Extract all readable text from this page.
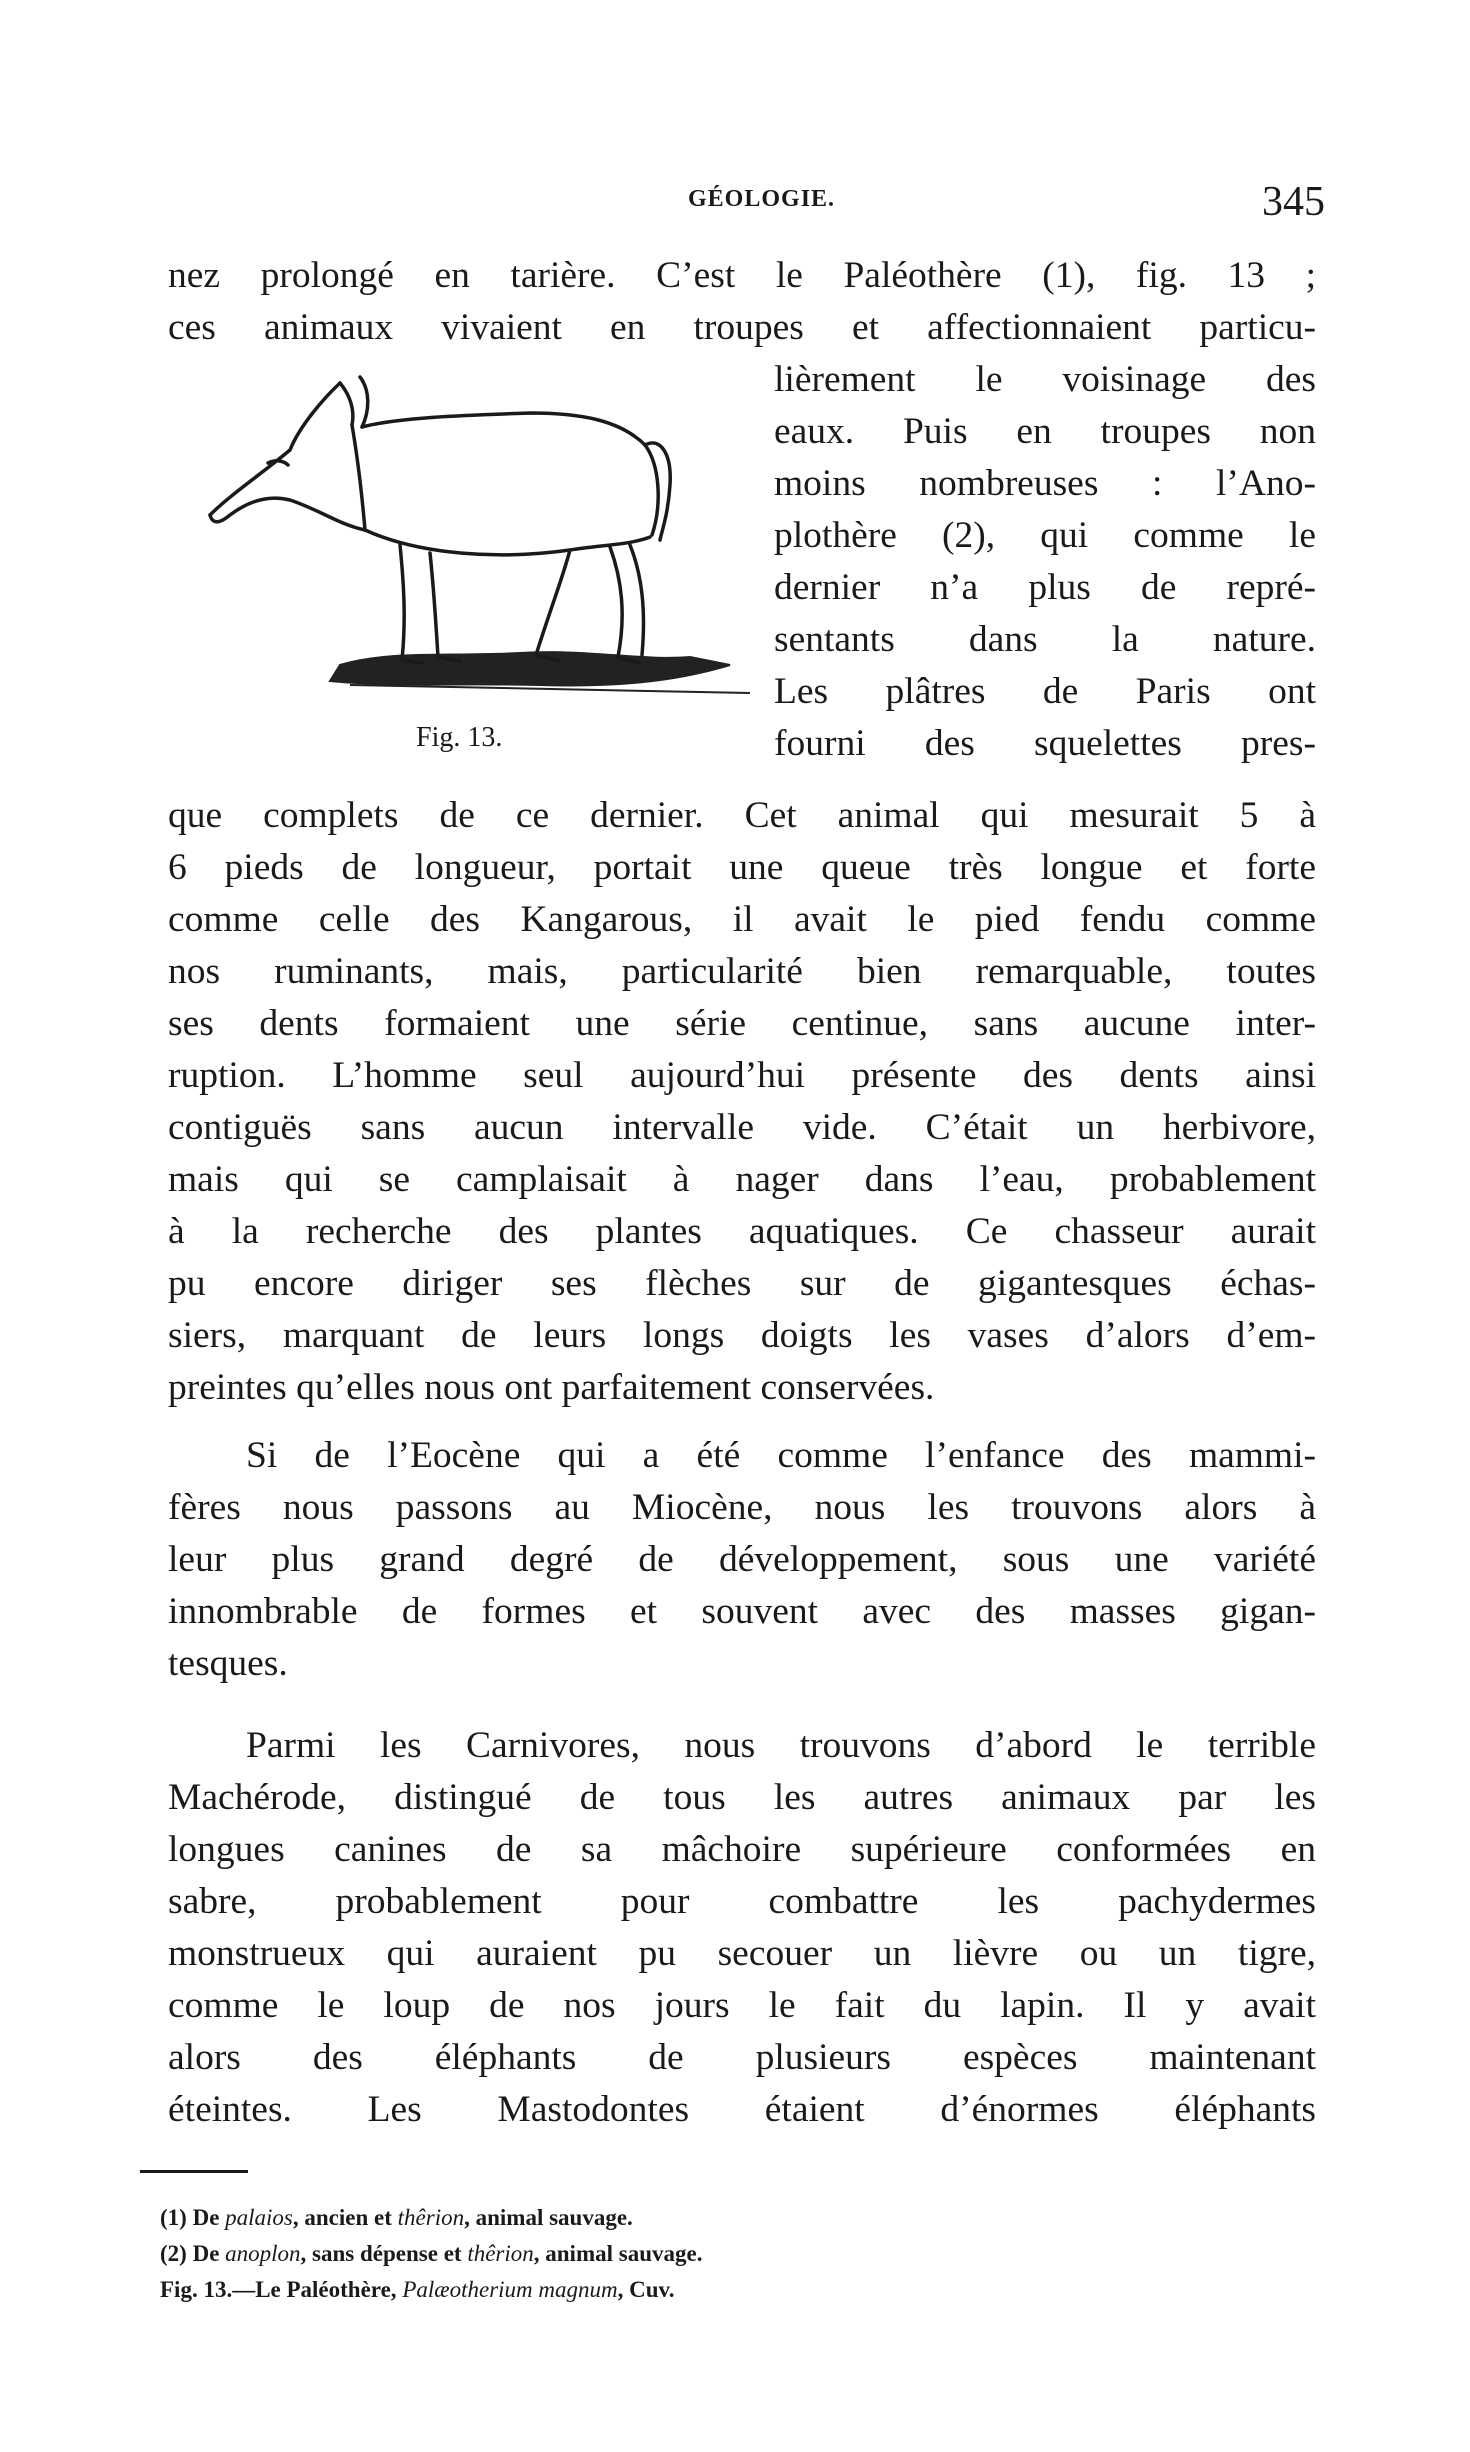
GÉOLOGIE.	345
nez prolongé en tarière. C’est le Paléothère (1), fig. 13 ;
ces animaux vivaient en troupes et affectionnaient particu-
Fig. 13.
lièrement le voisinage des
eaux. Puis en troupes non
moins nombreuses : l’Ano-
plothère (2), qui comme le
dernier n’a plus de repré-
sentants dans la nature.
Les plâtres de Paris ont
fourni des squelettes pres-
que complets de ce dernier. Cet animal qui mesurait 5 à
6 pieds de longueur, portait une queue très longue et forte
comme celle des Kangarous, il avait le pied fendu comme
nos ruminants, mais, particularité bien remarquable, toutes
ses dents formaient une série centinue, sans aucune inter-
ruption. L’homme seul aujourd’hui présente des dents ainsi
contiguës sans aucun intervalle vide. C’était un herbivore,
mais qui se camplaisait à nager dans l’eau, probablement
à la recherche des plantes aquatiques. Ce chasseur aurait
pu encore diriger ses flèches sur de gigantesques échas-
siers, marquant de leurs longs doigts les vases d’alors d’em-
preintes qu’elles nous ont parfaitement conservées.
Si de l’Eocène qui a été comme l’enfance des mammi-
fères nous passons au Miocène, nous les trouvons alors à
leur plus grand degré de développement, sous une variété
innombrable de formes et souvent avec des masses gigan-
tesques.
Parmi les Carnivores, nous trouvons d’abord le terrible
Machérode, distingué de tous les autres animaux par les
longues canines de sa mâchoire supérieure conformées en
sabre, probablement pour combattre les pachydermes
monstrueux qui auraient pu secouer un lièvre ou un tigre,
comme le loup de nos jours le fait du lapin. Il y avait
alors des éléphants de plusieurs espèces maintenant
éteintes. Les Mastodontes étaient d’énormes éléphants
(1) De palaios, ancien et thêrion, animal sauvage.
(2) De anoplon, sans dépense et thêrion, animal sauvage.
Fig. 13.—Le Paléothère, Palæotherium magnum, Cuv.
